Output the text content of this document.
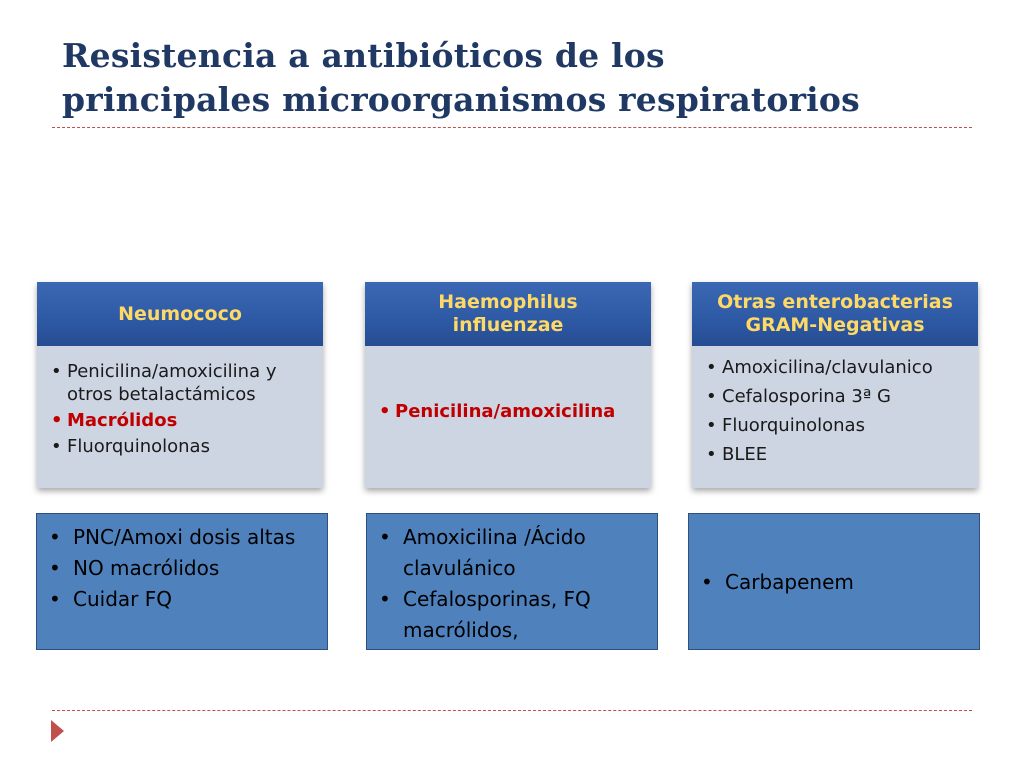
Resistencia a antibióticos de los
principales microorganismos respiratorios
Neumococo
• Penicilina/amoxicilina y otros betalactámicos
• Macrólidos
• Fluorquinolonas
Haemophilus
influenzae
• Penicilina/amoxicilina
Otras enterobacterias
GRAM-Negativas
• Amoxicilina/clavulanico
• Cefalosporina 3ª G
• Fluorquinolonas
• BLEE
• PNC/Amoxi dosis altas
• NO macrólidos
• Cuidar FQ
• Amoxicilina /Ácido clavulánico
• Cefalosporinas, FQ macrólidos,
• Carbapenem
